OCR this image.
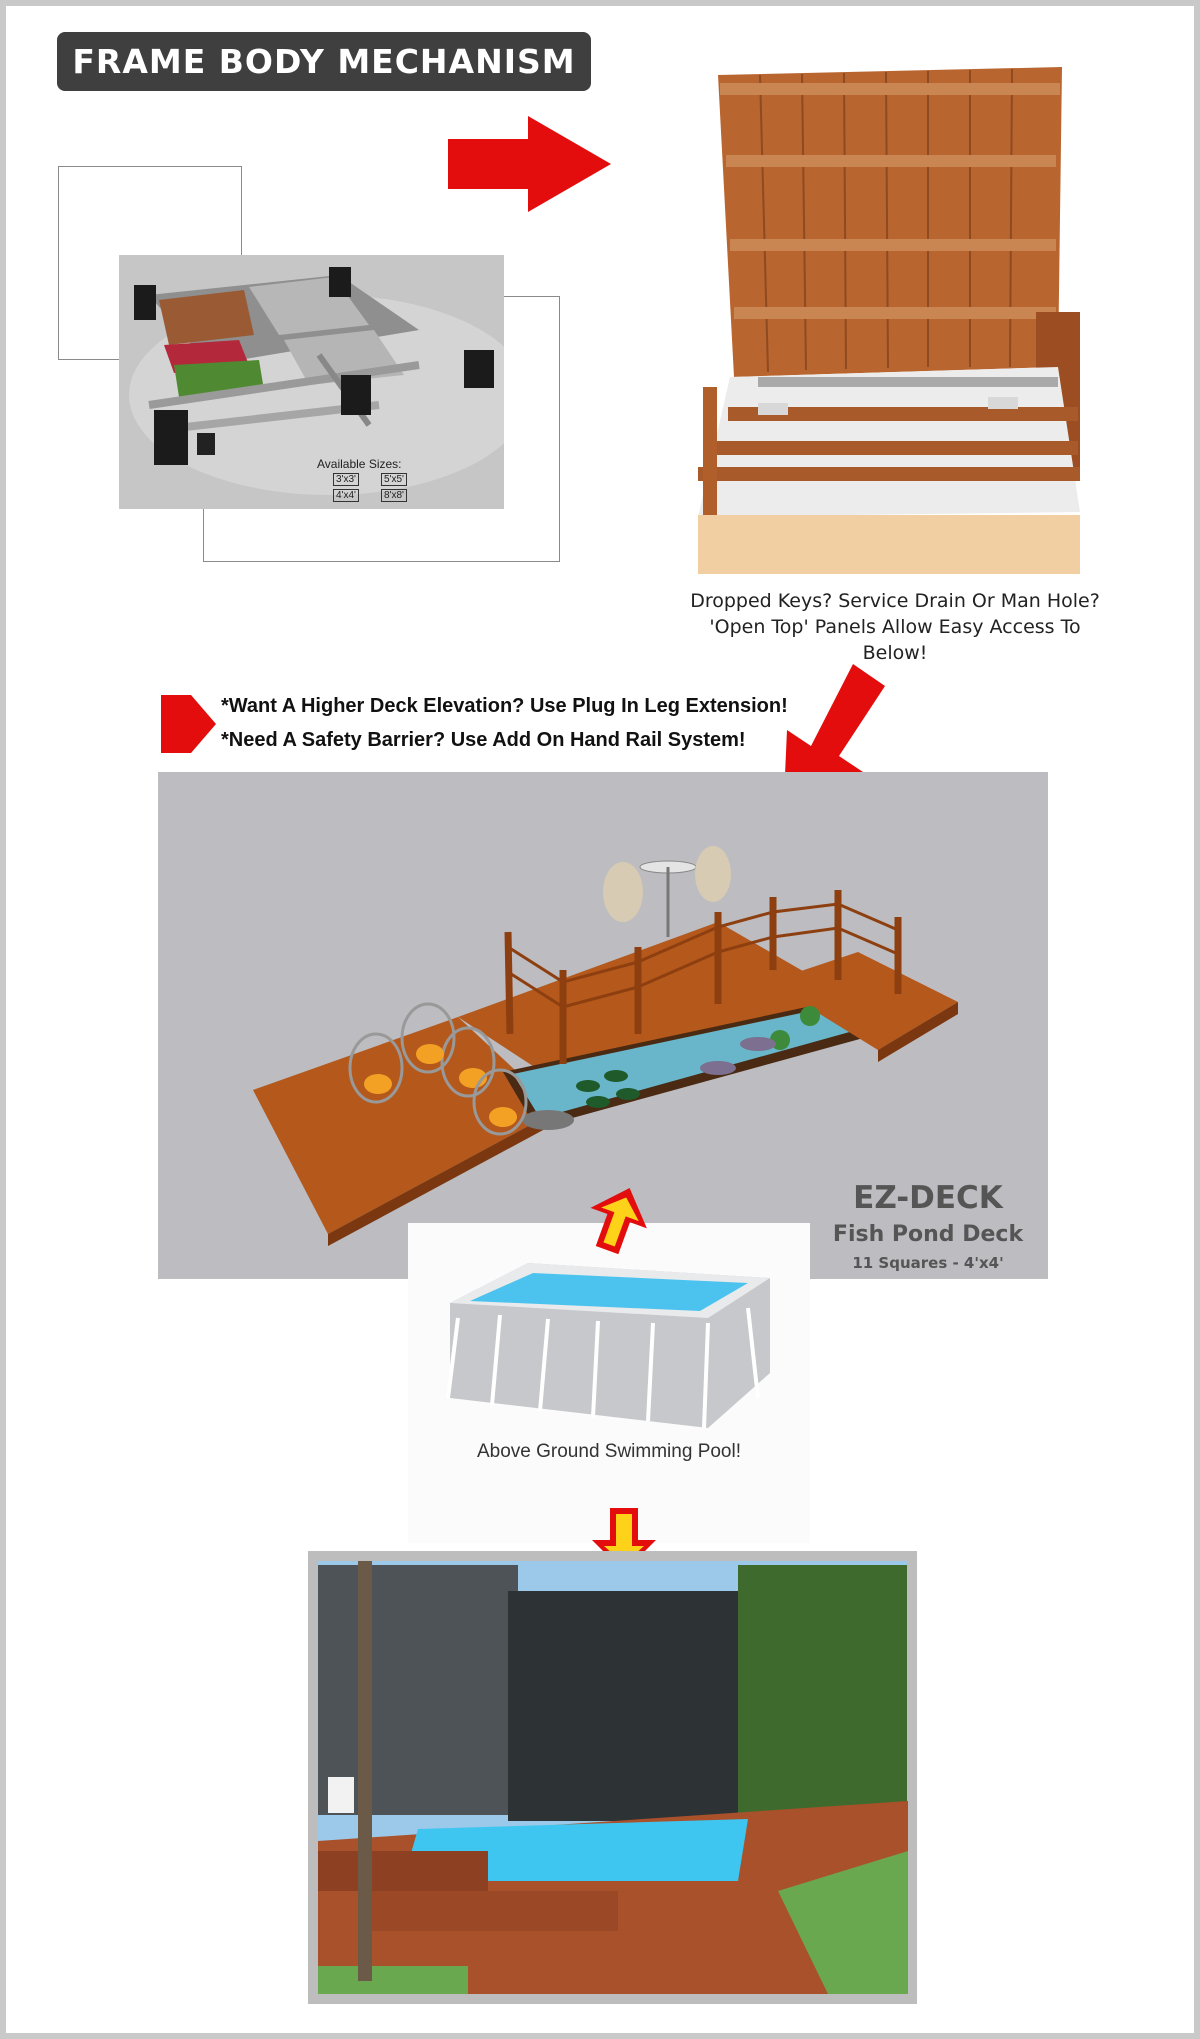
FRAME BODY MECHANISM
Available Sizes:
3'x3'	5'x5'
4'x4'	8'x8'
Dropped Keys? Service Drain Or Man Hole?
'Open Top' Panels Allow Easy Access To Below!
*Want A Higher Deck Elevation? Use Plug In Leg Extension!
*Need A Safety Barrier? Use Add On Hand Rail System!
EZ-DECK
Fish Pond Deck
11 Squares - 4'x4'
Above Ground Swimming Pool!
